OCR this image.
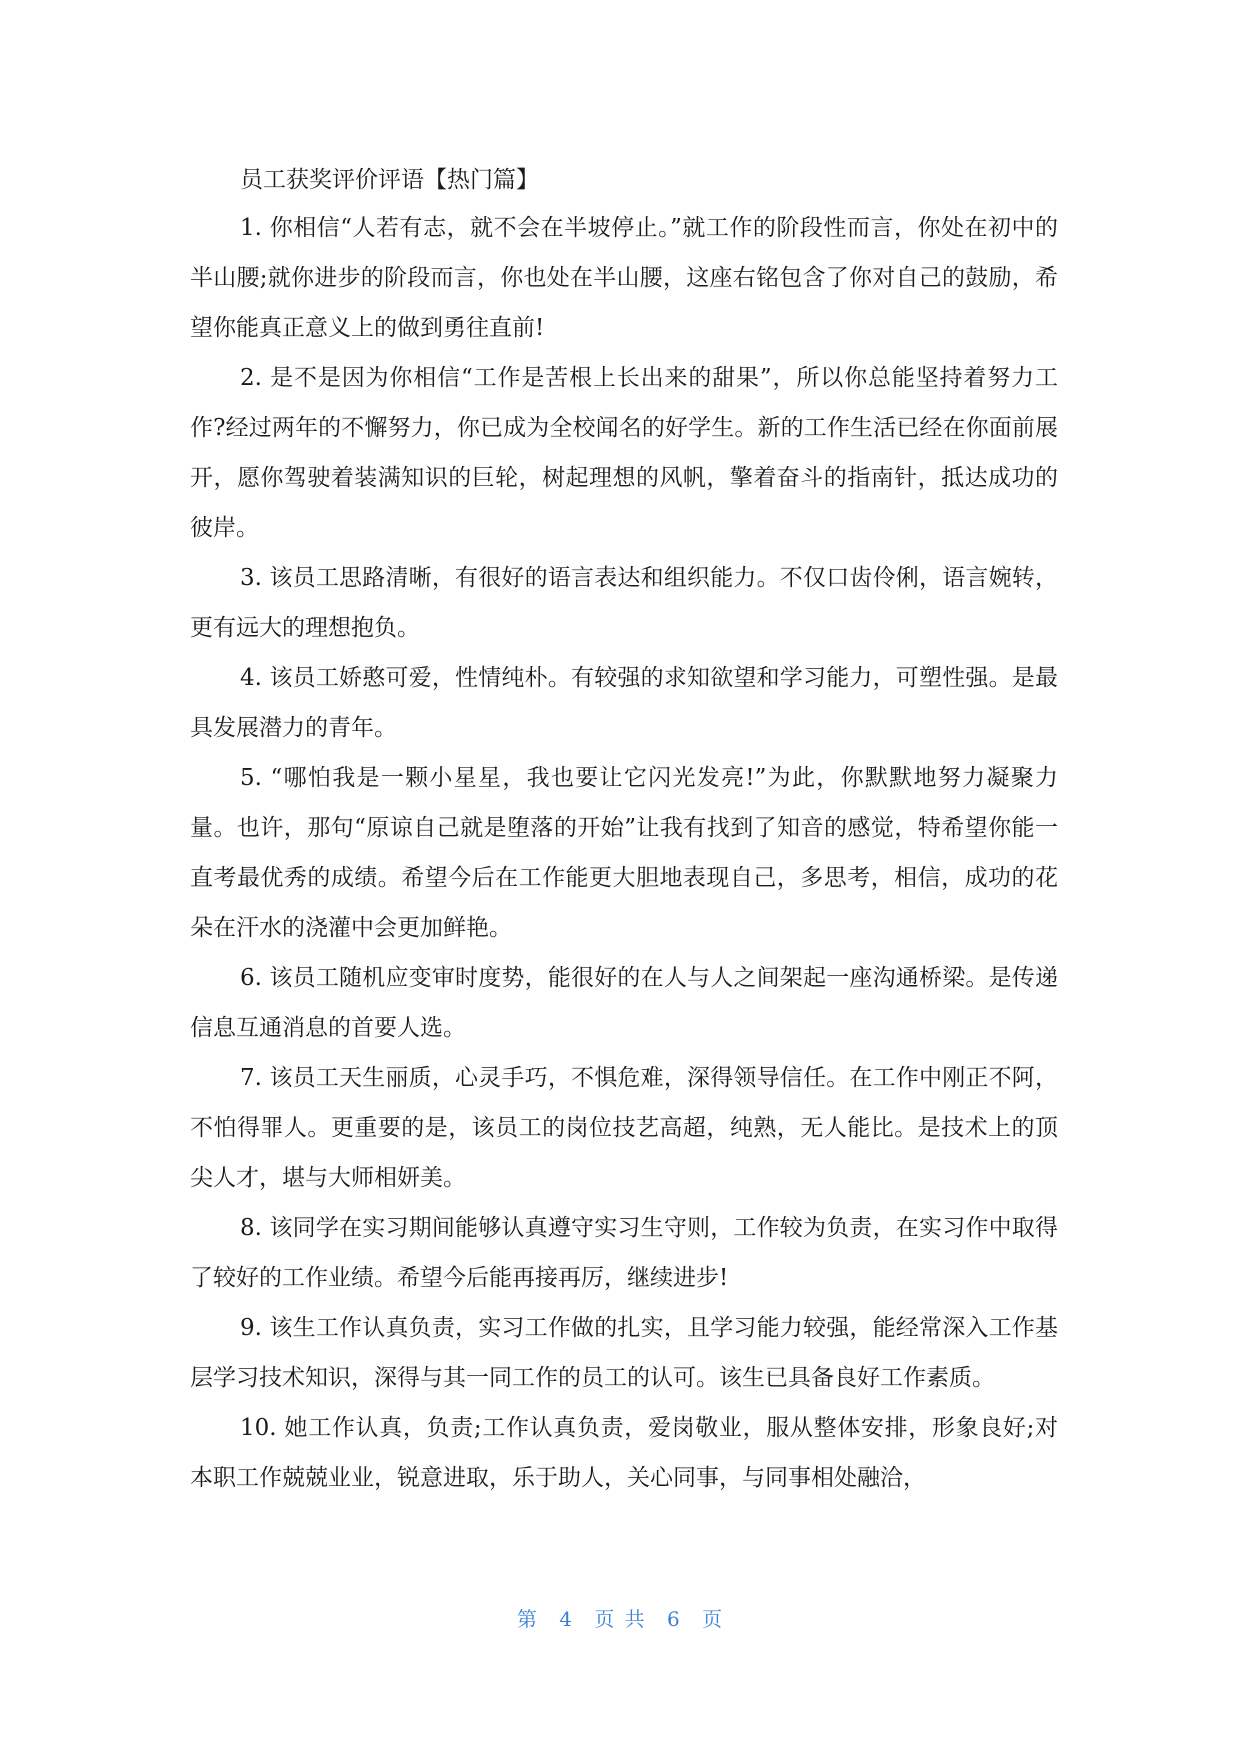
员工获奖评价评语【热门篇】

1. 你相信“人若有志，就不会在半坡停止。”就工作的阶段性而言，你处在初中的半山腰;就你进步的阶段而言，你也处在半山腰，这座右铭包含了你对自己的鼓励，希望你能真正意义上的做到勇往直前!

2. 是不是因为你相信“工作是苦根上长出来的甜果”，所以你总能坚持着努力工作?经过两年的不懈努力，你已成为全校闻名的好学生。新的工作生活已经在你面前展开，愿你驾驶着装满知识的巨轮，树起理想的风帆，擎着奋斗的指南针，抵达成功的彼岸。

3. 该员工思路清晰，有很好的语言表达和组织能力。不仅口齿伶俐，语言婉转，更有远大的理想抱负。

4. 该员工娇憨可爱，性情纯朴。有较强的求知欲望和学习能力，可塑性强。是最具发展潜力的青年。

5. “哪怕我是一颗小星星，我也要让它闪光发亮!”为此，你默默地努力凝聚力量。也许，那句“原谅自己就是堕落的开始”让我有找到了知音的感觉，特希望你能一直考最优秀的成绩。希望今后在工作能更大胆地表现自己，多思考，相信，成功的花朵在汗水的浇灌中会更加鲜艳。

6. 该员工随机应变审时度势，能很好的在人与人之间架起一座沟通桥梁。是传递信息互通消息的首要人选。

7. 该员工天生丽质，心灵手巧，不惧危难，深得领导信任。在工作中刚正不阿，不怕得罪人。更重要的是，该员工的岗位技艺高超，纯熟，无人能比。是技术上的顶尖人才，堪与大师相妍美。

8. 该同学在实习期间能够认真遵守实习生守则，工作较为负责，在实习作中取得了较好的工作业绩。希望今后能再接再厉，继续进步!

9. 该生工作认真负责，实习工作做的扎实，且学习能力较强，能经常深入工作基层学习技术知识，深得与其一同工作的员工的认可。该生已具备良好工作素质。

10. 她工作认真，负责;工作认真负责，爱岗敬业，服从整体安排，形象良好;对本职工作兢兢业业，锐意进取，乐于助人，关心同事，与同事相处融洽，

第 4 页 共 6 页
